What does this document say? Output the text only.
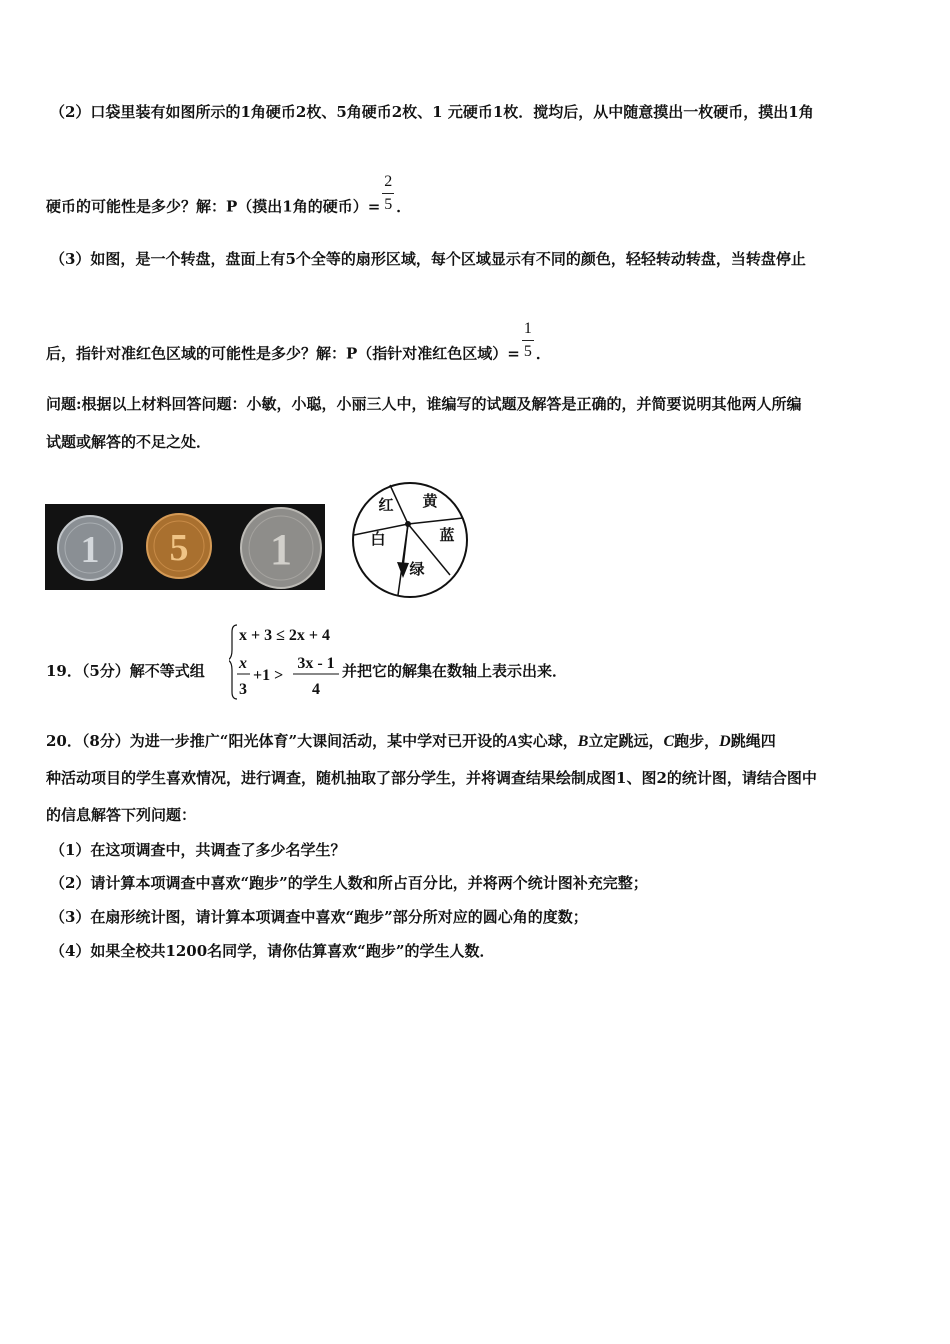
（2）口袋里装有如图所示的1角硬币2枚、5角硬币2枚、1 元硬币1枚．搅均后，从中随意摸出一枚硬币，摸出1角
硬币的可能性是多少？解：P（摸出1角的硬币）= $\frac{2}{5}$ ．
（3）如图，是一个转盘，盘面上有5个全等的扇形区域，每个区域显示有不同的颜色，轻轻转动转盘，当转盘停止
后，指针对准红色区域的可能性是多少？解：P（指针对准红色区域）= $\frac{1}{5}$ ．
问题:根据以上材料回答问题：小敏，小聪，小丽三人中，谁编写的试题及解答是正确的，并简要说明其他两人所编
试题或解答的不足之处．
1 5 1
红 黄
蓝
绿
白
19．（5分）解不等式组
x + 3 ≤ 2x + 4
x
3
+1 >
3x - 1
4
并把它的解集在数轴上表示出来．
20．（8分）为进一步推广“阳光体育”大课间活动，某中学对已开设的A实心球，B立定跳远，C跑步，D跳绳四
种活动项目的学生喜欢情况，进行调查，随机抽取了部分学生，并将调查结果绘制成图1、图2的统计图，请结合图中
的信息解答下列问题：
（1）在这项调查中，共调查了多少名学生？
（2）请计算本项调查中喜欢“跑步”的学生人数和所占百分比，并将两个统计图补充完整；
（3）在扇形统计图，请计算本项调查中喜欢“跑步”部分所对应的圆心角的度数；
（4）如果全校共1200名同学，请你估算喜欢“跑步”的学生人数．
